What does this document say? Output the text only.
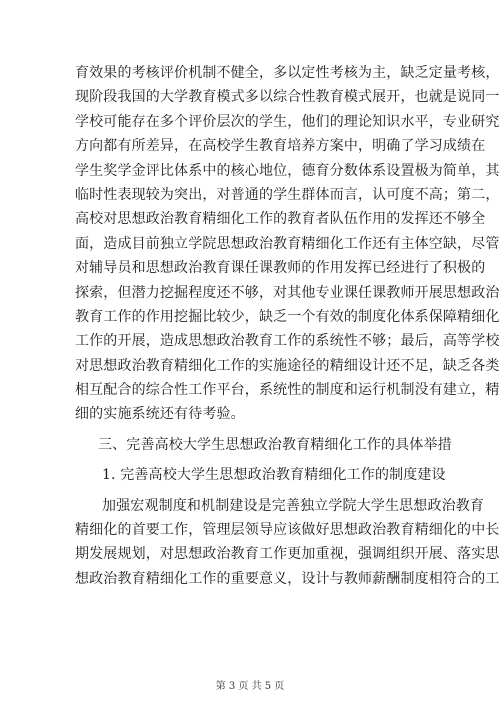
育效果的考核评价机制不健全，多以定性考核为主，缺乏定量考核，
现阶段我国的大学教育模式多以综合性教育模式展开，也就是说同一
学校可能存在多个评价层次的学生，他们的理论知识水平，专业研究
方向都有所差异，在高校学生教育培养方案中，明确了学习成绩在
学生奖学金评比体系中的核心地位，德育分数体系设置极为简单，其
临时性表现较为突出，对普通的学生群体而言，认可度不高；第二，
高校对思想政治教育精细化工作的教育者队伍作用的发挥还不够全
面，造成目前独立学院思想政治教育精细化工作还有主体空缺，尽管
对辅导员和思想政治教育课任课教师的作用发挥已经进行了积极的
探索，但潜力挖掘程度还不够，对其他专业课任课教师开展思想政治
教育工作的作用挖掘比较少，缺乏一个有效的制度化体系保障精细化
工作的开展，造成思想政治教育工作的系统性不够；最后，高等学校
对思想政治教育精细化工作的实施途径的精细设计还不足，缺乏各类
相互配合的综合性工作平台，系统性的制度和运行机制没有建立，精
细的实施系统还有待考验。
三、完善高校大学生思想政治教育精细化工作的具体举措
1. 完善高校大学生思想政治教育精细化工作的制度建设
加强宏观制度和机制建设是完善独立学院大学生思想政治教育
精细化的首要工作，管理层领导应该做好思想政治教育精细化的中长
期发展规划，对思想政治教育工作更加重视，强调组织开展、落实思
想政治教育精细化工作的重要意义，设计与教师薪酬制度相符合的工
第 3 页 共 5 页
